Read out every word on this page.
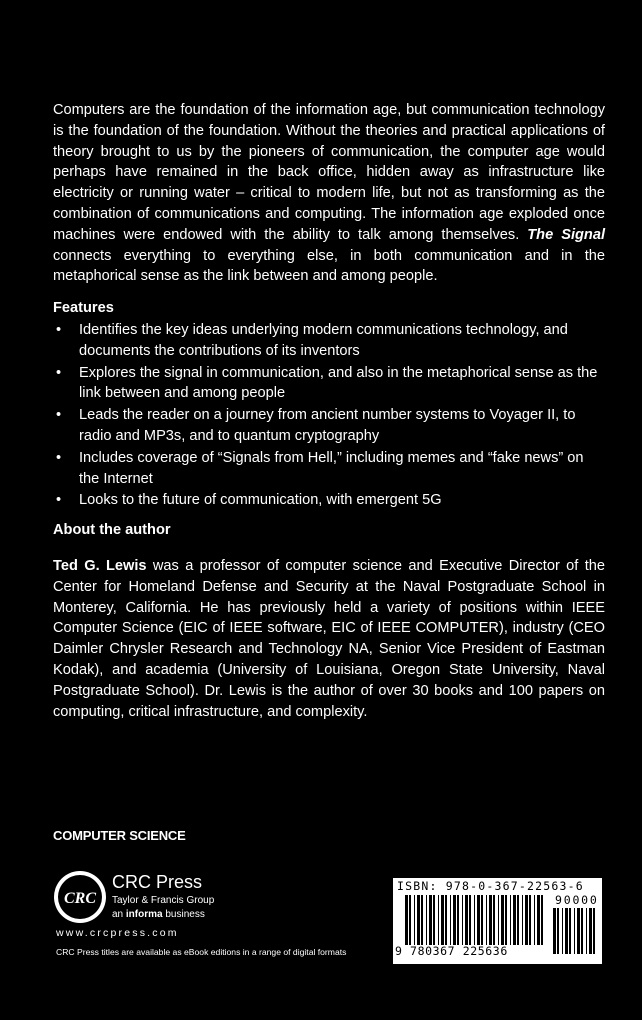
Computers are the foundation of the information age, but communication technology is the foundation of the foundation. Without the theories and practical applications of theory brought to us by the pioneers of communication, the computer age would perhaps have remained in the back office, hidden away as infrastructure like electricity or running water – critical to modern life, but not as transforming as the combination of communications and computing. The information age exploded once machines were endowed with the ability to talk among themselves. The Signal connects everything to everything else, in both communication and in the metaphorical sense as the link between and among people.

Features
• Identifies the key ideas underlying modern communications technology, and documents the contributions of its inventors
• Explores the signal in communication, and also in the metaphorical sense as the link between and among people
• Leads the reader on a journey from ancient number systems to Voyager II, to radio and MP3s, and to quantum cryptography
• Includes coverage of “Signals from Hell,” including memes and “fake news” on the Internet
• Looks to the future of communication, with emergent 5G
About the author

Ted G. Lewis was a professor of computer science and Executive Director of the Center for Homeland Defense and Security at the Naval Postgraduate School in Monterey, California. He has previously held a variety of positions within IEEE Computer Science (EIC of IEEE software, EIC of IEEE COMPUTER), industry (CEO Daimler Chrysler Research and Technology NA, Senior Vice President of Eastman Kodak), and academia (University of Louisiana, Oregon State University, Naval Postgraduate School). Dr. Lewis is the author of over 30 books and 100 papers on computing, critical infrastructure, and complexity.

COMPUTER SCIENCE
CRC
CRC Press
Taylor & Francis Group
an informa business
www.crcpress.com
CRC Press titles are available as eBook editions in a range of digital formats
ISBN: 978-0-367-22563-6
90000
9 780367 225636
